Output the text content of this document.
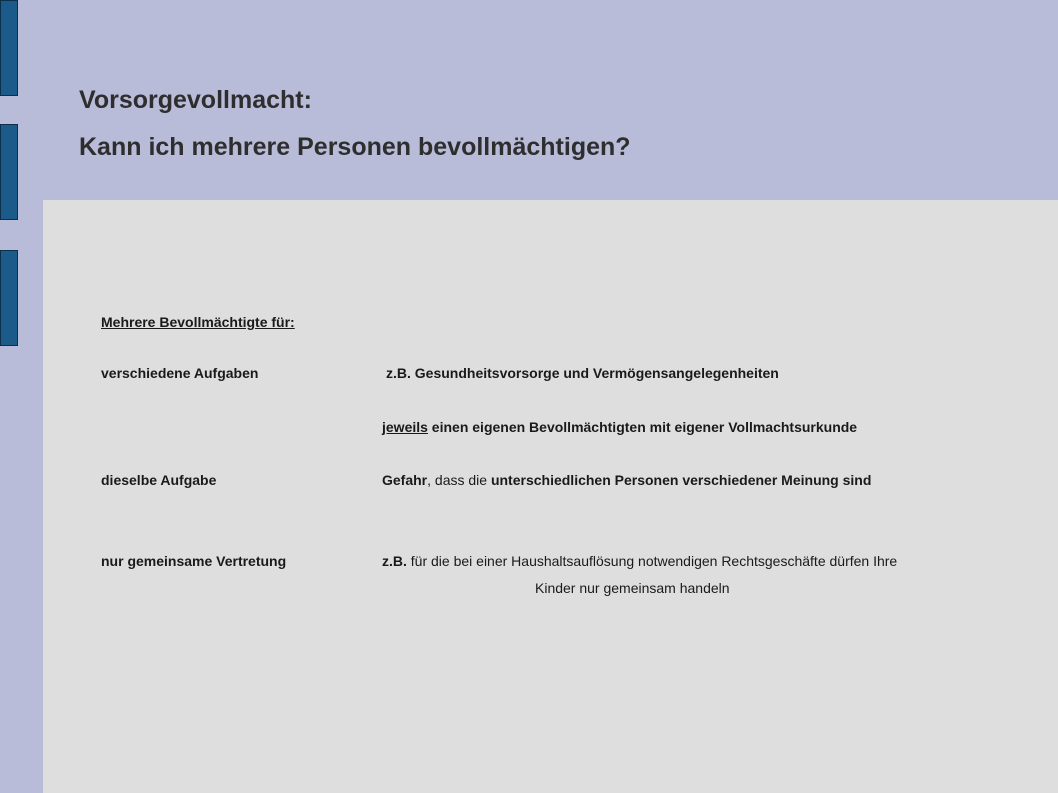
Vorsorgevollmacht:
Kann ich mehrere Personen bevollmächtigen?
Mehrere Bevollmächtigte für:
verschiedene Aufgaben	z.B. Gesundheitsvorsorge und Vermögensangelegenheiten
jeweils einen eigenen Bevollmächtigten mit eigener Vollmachtsurkunde
dieselbe Aufgabe	Gefahr, dass die unterschiedlichen Personen verschiedener Meinung sind
nur gemeinsame Vertretung	z.B. für die bei einer Haushaltsauflösung notwendigen Rechtsgeschäfte dürfen Ihre
Kinder nur gemeinsam handeln
